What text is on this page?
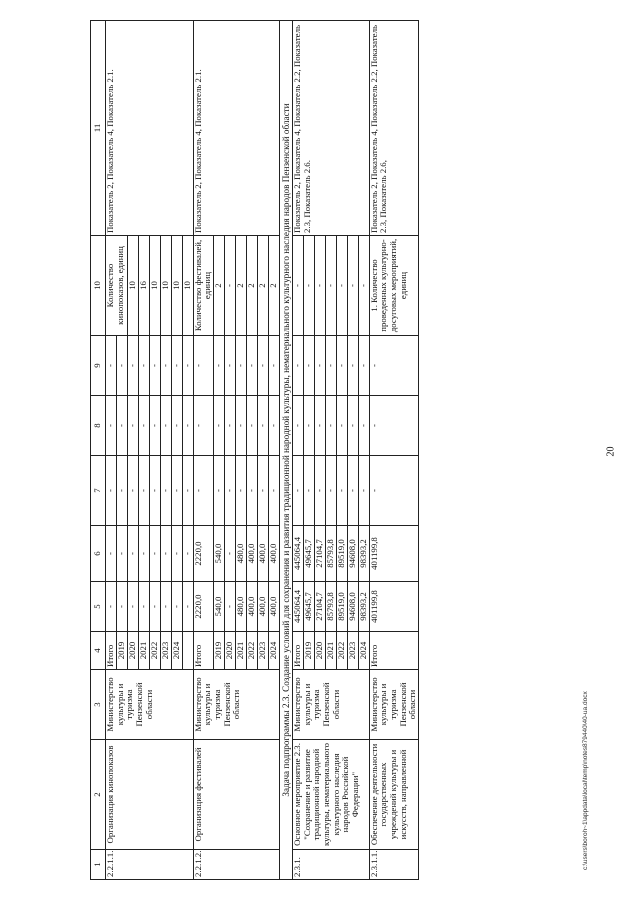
20
1	2	3	4	5	6	7	8	9	10	11
2.2.1.1.	Организация кинопоказов	Министерство культуры и туризма Пензенской области	Итого	-	-	-	-	-	Количество кинопоказов, единиц	Показатель 2, Показатель 4, Показатель 2.1.
			2019	-	-	-	-	-		
			2020	-	-	-	-	-	10	
			2021	-	-	-	-	-	16	
			2022	-	-	-	-	-	10	
			2023	-	-	-	-	-	10	
			2024	-	-	-	-	-	10	
				-	-	-	-	-	10	
2.2.1.2.	Организация фестивалей	Министерство культуры и туризма Пензенской области	Итого	2220,0	2220,0	-	-	-	Количество фестивалей, единиц	Показатель 2, Показатель 4, Показатель 2.1.
			2019	540,0	540,0	-	-	-	2	
			2020	-	-	-	-	-	-	
			2021	480,0	480,0	-	-	-	2	
			2022	400,0	400,0	-	-	-	2	
			2023	400,0	400,0	-	-	-	2	
			2024	400,0	400,0	-	-	-	2	
Задача подпрограммы 2.3. Создание условий для сохранения и развития традиционной народной культуры, нематериального культурного наследия народов Пензенской области										
2.3.1.	Основное мероприятие 2.3. "Сохранение и развитие традиционной народной культуры, нематериального культурного наследия народов Российской Федерации"	Министерство культуры и туризма Пензенской области	Итого	445064,4	445064,4	-	-	-	-	Показатель 2, Показатель 4, Показатель 2.2, Показатель 2.3, Показатель 2.6.
			2019	49645,7	49645,7	-	-	-	-	
			2020	27104,7	27104,7	-	-	-	-	
			2021	85793,8	85793,8	-	-	-	-	
			2022	89519,0	89519,0	-	-	-	-	
			2023	94608,0	94608,0	-	-	-	-	
			2024	98393,2	98393,2	-	-	-	-	
2.3.1.1.	Обеспечение деятельности государственных учреждений культуры и искусств, направленной	Министерство культуры и туризма Пензенской области	Итого	401199,8	401199,8	-	-	-	1. Количество проведенных культурно-досуговых мероприятий, единиц	Показатель 2, Показатель 4, Показатель 2.2, Показатель 2.3, Показатель 2.6,
c:\users\boroh~1\appdata\local\temp\notes879440\40-ua.docx
